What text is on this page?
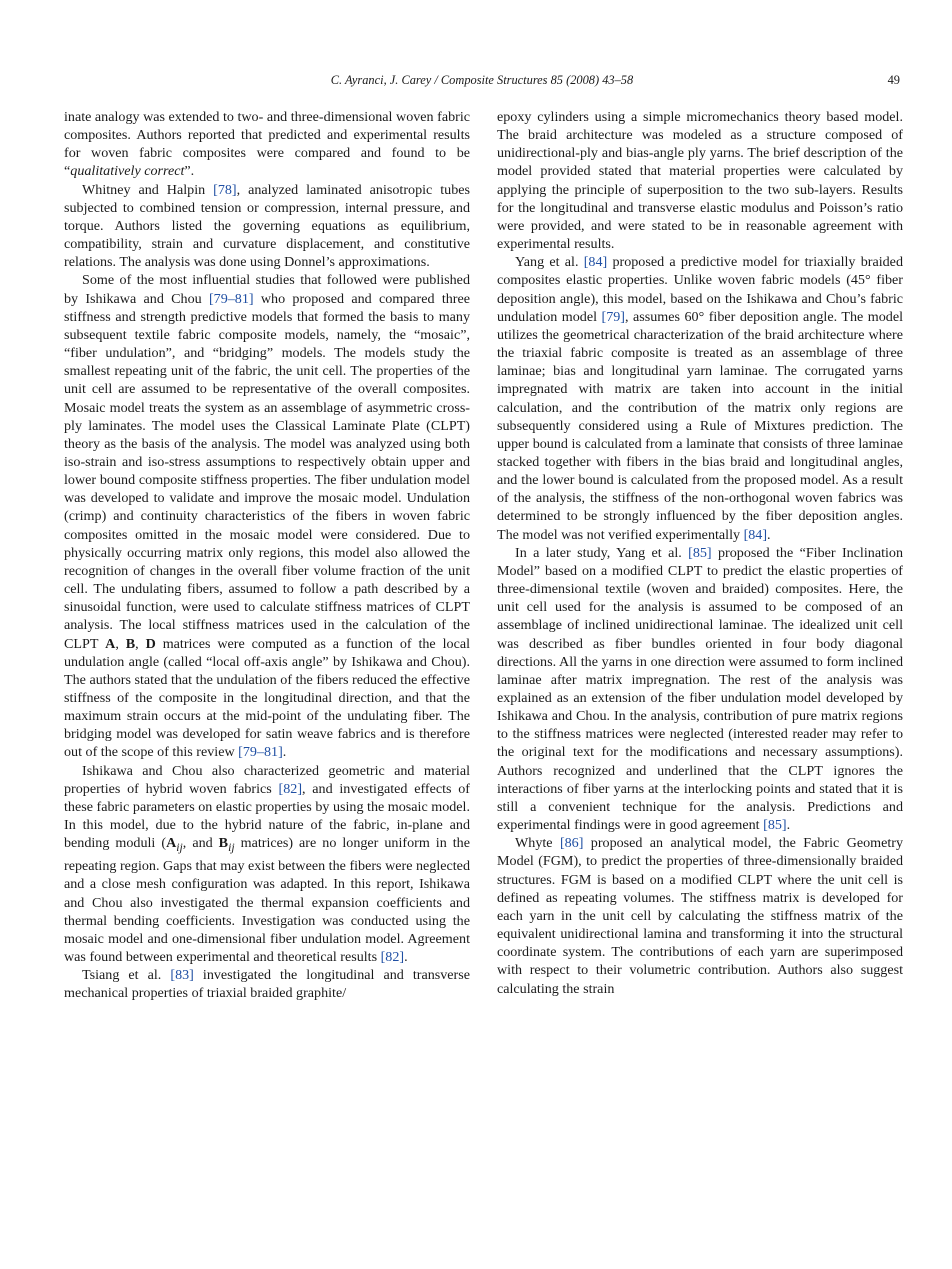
C. Ayranci, J. Carey / Composite Structures 85 (2008) 43–58	49

inate analogy was extended to two- and three-dimensional woven fabric composites. Authors reported that predicted and experimental results for woven fabric composites were compared and found to be “qualitatively correct”.

Whitney and Halpin [78], analyzed laminated anisotropic tubes subjected to combined tension or compression, internal pressure, and torque. Authors listed the governing equations as equilibrium, compatibility, strain and curvature displacement, and constitutive relations. The analysis was done using Donnel’s approximations.

Some of the most influential studies that followed were published by Ishikawa and Chou [79–81] who proposed and compared three stiffness and strength predictive models that formed the basis to many subsequent textile fabric composite models, namely, the “mosaic”, “fiber undulation”, and “bridging” models. The models study the smallest repeating unit of the fabric, the unit cell. The properties of the unit cell are assumed to be representative of the overall composites. Mosaic model treats the system as an assemblage of asymmetric cross-ply laminates. The model uses the Classical Laminate Plate (CLPT) theory as the basis of the analysis. The model was analyzed using both iso-strain and iso-stress assumptions to respectively obtain upper and lower bound composite stiffness properties. The fiber undulation model was developed to validate and improve the mosaic model. Undulation (crimp) and continuity characteristics of the fibers in woven fabric composites omitted in the mosaic model were considered. Due to physically occurring matrix only regions, this model also allowed the recognition of changes in the overall fiber volume fraction of the unit cell. The undulating fibers, assumed to follow a path described by a sinusoidal function, were used to calculate stiffness matrices of CLPT analysis. The local stiffness matrices used in the calculation of the CLPT A, B, D matrices were computed as a function of the local undulation angle (called “local off-axis angle” by Ishikawa and Chou). The authors stated that the undulation of the fibers reduced the effective stiffness of the composite in the longitudinal direction, and that the maximum strain occurs at the mid-point of the undulating fiber. The bridging model was developed for satin weave fabrics and is therefore out of the scope of this review [79–81].

Ishikawa and Chou also characterized geometric and material properties of hybrid woven fabrics [82], and investigated effects of these fabric parameters on elastic properties by using the mosaic model. In this model, due to the hybrid nature of the fabric, in-plane and bending moduli ($A_{ij}$, and $B_{ij}$ matrices) are no longer uniform in the repeating region. Gaps that may exist between the fibers were neglected and a close mesh configuration was adapted. In this report, Ishikawa and Chou also investigated the thermal expansion coefficients and thermal bending coefficients. Investigation was conducted using the mosaic model and one-dimensional fiber undulation model. Agreement was found between experimental and theoretical results [82].

Tsiang et al. [83] investigated the longitudinal and transverse mechanical properties of triaxial braided graphite/

epoxy cylinders using a simple micromechanics theory based model. The braid architecture was modeled as a structure composed of unidirectional-ply and bias-angle ply yarns. The brief description of the model provided stated that material properties were calculated by applying the principle of superposition to the two sub-layers. Results for the longitudinal and transverse elastic modulus and Poisson’s ratio were provided, and were stated to be in reasonable agreement with experimental results.

Yang et al. [84] proposed a predictive model for triaxially braided composites elastic properties. Unlike woven fabric models (45° fiber deposition angle), this model, based on the Ishikawa and Chou’s fabric undulation model [79], assumes 60° fiber deposition angle. The model utilizes the geometrical characterization of the braid architecture where the triaxial fabric composite is treated as an assemblage of three laminae; bias and longitudinal yarn laminae. The corrugated yarns impregnated with matrix are taken into account in the initial calculation, and the contribution of the matrix only regions are subsequently considered using a Rule of Mixtures prediction. The upper bound is calculated from a laminate that consists of three laminae stacked together with fibers in the bias braid and longitudinal angles, and the lower bound is calculated from the proposed model. As a result of the analysis, the stiffness of the non-orthogonal woven fabrics was determined to be strongly influenced by the fiber deposition angles. The model was not verified experimentally [84].

In a later study, Yang et al. [85] proposed the “Fiber Inclination Model” based on a modified CLPT to predict the elastic properties of three-dimensional textile (woven and braided) composites. Here, the unit cell used for the analysis is assumed to be composed of an assemblage of inclined unidirectional laminae. The idealized unit cell was described as fiber bundles oriented in four body diagonal directions. All the yarns in one direction were assumed to form inclined laminae after matrix impregnation. The rest of the analysis was explained as an extension of the fiber undulation model developed by Ishikawa and Chou. In the analysis, contribution of pure matrix regions to the stiffness matrices were neglected (interested reader may refer to the original text for the modifications and necessary assumptions). Authors recognized and underlined that the CLPT ignores the interactions of fiber yarns at the interlocking points and stated that it is still a convenient technique for the analysis. Predictions and experimental findings were in good agreement [85].

Whyte [86] proposed an analytical model, the Fabric Geometry Model (FGM), to predict the properties of three-dimensionally braided structures. FGM is based on a modified CLPT where the unit cell is defined as repeating volumes. The stiffness matrix is developed for each yarn in the unit cell by calculating the stiffness matrix of the equivalent unidirectional lamina and transforming it into the structural coordinate system. The contributions of each yarn are superimposed with respect to their volumetric contribution. Authors also suggest calculating the strain
